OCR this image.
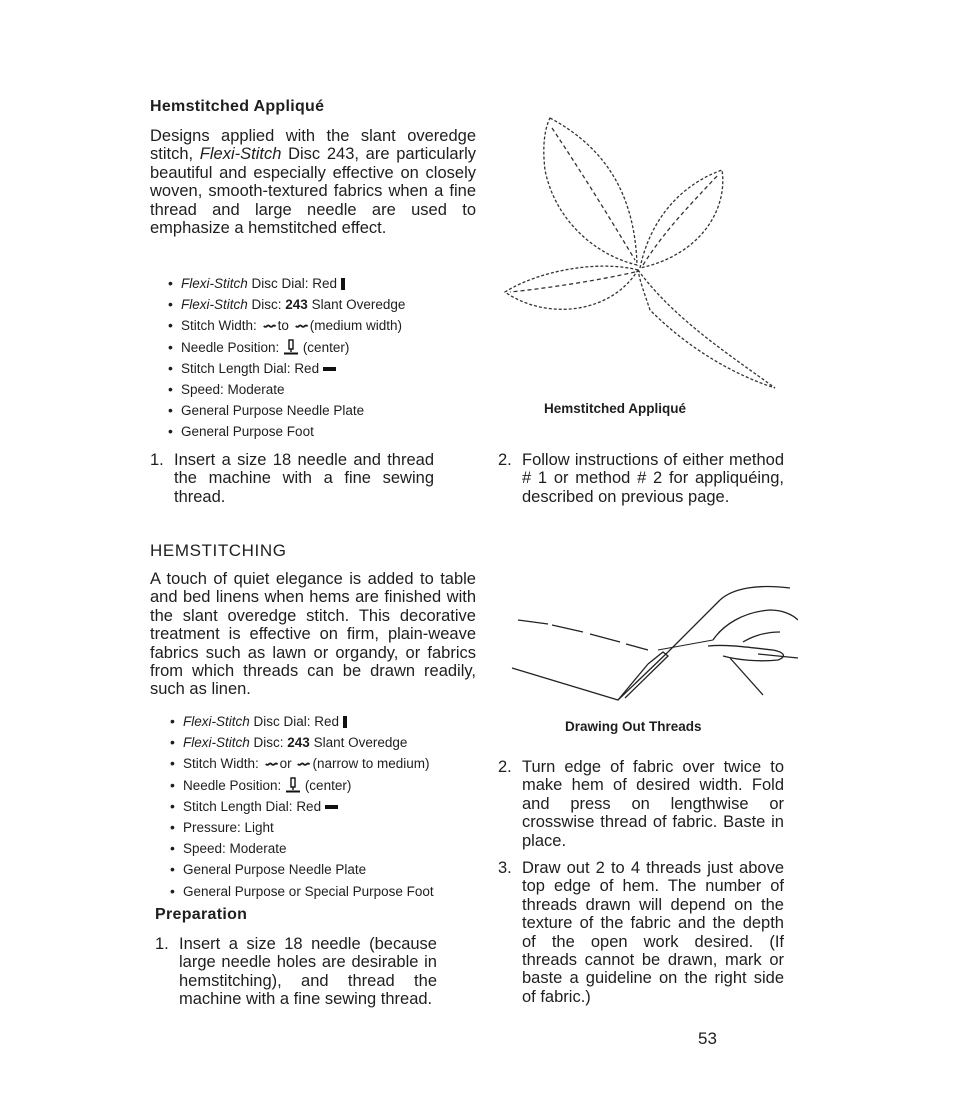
Hemstitched Appliqué

Designs applied with the slant overedge stitch, Flexi-Stitch Disc 243, are particularly beautiful and especially effective on closely woven, smooth-textured fabrics when a fine thread and large needle are used to emphasize a hemstitched effect.

• Flexi-Stitch Disc Dial: Red
• Flexi-Stitch Disc: 243 Slant Overedge
• Stitch Width: ⌇ to ⌇ (medium width)
• Needle Position:  (center)
• Stitch Length Dial: Red
• Speed: Moderate
• General Purpose Needle Plate
• General Purpose Foot
1. Insert a size 18 needle and thread the machine with a fine sewing thread.
HEMSTITCHING

A touch of quiet elegance is added to table and bed linens when hems are finished with the slant overedge stitch. This decorative treatment is effective on firm, plain-weave fabrics such as lawn or organdy, or fabrics from which threads can be drawn readily, such as linen.

• Flexi-Stitch Disc Dial: Red
• Flexi-Stitch Disc: 243 Slant Overedge
• Stitch Width: ⌇ or ⌇ (narrow to medium)
• Needle Position:  (center)
• Stitch Length Dial: Red
• Pressure: Light
• Speed: Moderate
• General Purpose Needle Plate
• General Purpose or Special Purpose Foot
Preparation
1. Insert a size 18 needle (because large needle holes are desirable in hemstitching), and thread the machine with a fine sewing thread.
Hemstitched Appliqué
2. Follow instructions of either method # 1 or method # 2 for appliquéing, described on previous page.
Drawing Out Threads
2. Turn edge of fabric over twice to make hem of desired width. Fold and press on lengthwise or crosswise thread of fabric. Baste in place.
3. Draw out 2 to 4 threads just above top edge of hem. The number of threads drawn will depend on the texture of the fabric and the depth of the open work desired. (If threads cannot be drawn, mark or baste a guideline on the right side of fabric.)
53
